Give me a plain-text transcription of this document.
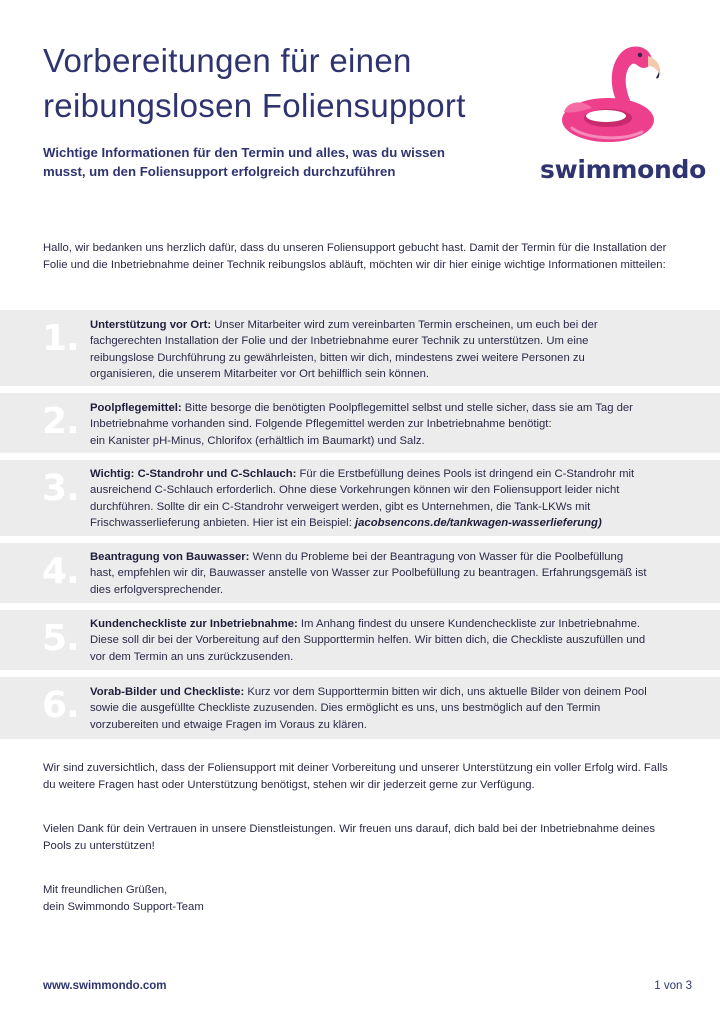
Vorbereitungen für einen
reibungslosen Foliensupport
Wichtige Informationen für den Termin und alles, was du wissen
musst, um den Foliensupport erfolgreich durchzuführen	swimmondo
Hallo, wir bedanken uns herzlich dafür, dass du unseren Foliensupport gebucht hast. Damit der Termin für die Installation der Folie und die Inbetriebnahme deiner Technik reibungslos abläuft, möchten wir dir hier einige wichtige Informationen mitteilen:
1. Unterstützung vor Ort: Unser Mitarbeiter wird zum vereinbarten Termin erscheinen, um euch bei der fachgerechten Installation der Folie und der Inbetriebnahme eurer Technik zu unterstützen. Um eine reibungslose Durchführung zu gewährleisten, bitten wir dich, mindestens zwei weitere Personen zu organisieren, die unserem Mitarbeiter vor Ort behilflich sein können.
2. Poolpflegemittel: Bitte besorge die benötigten Poolpflegemittel selbst und stelle sicher, dass sie am Tag der Inbetriebnahme vorhanden sind. Folgende Pflegemittel werden zur Inbetriebnahme benötigt:
ein Kanister pH-Minus, Chlorifox (erhältlich im Baumarkt) und Salz.
3. Wichtig: C-Standrohr und C-Schlauch: Für die Erstbefüllung deines Pools ist dringend ein C-Standrohr mit ausreichend C-Schlauch erforderlich. Ohne diese Vorkehrungen können wir den Foliensupport leider nicht durchführen. Sollte dir ein C-Standrohr verweigert werden, gibt es Unternehmen, die Tank-LKWs mit Frischwasserlieferung anbieten. Hier ist ein Beispiel: jacobsencons.de/tankwagen-wasserlieferung)
4. Beantragung von Bauwasser: Wenn du Probleme bei der Beantragung von Wasser für die Poolbefüllung hast, empfehlen wir dir, Bauwasser anstelle von Wasser zur Poolbefüllung zu beantragen. Erfahrungsgemäß ist dies erfolgversprechender.
5. Kundencheckliste zur Inbetriebnahme: Im Anhang findest du unsere Kundencheckliste zur Inbetriebnahme. Diese soll dir bei der Vorbereitung auf den Supporttermin helfen. Wir bitten dich, die Checkliste auszufüllen und vor dem Termin an uns zurückzusenden.
6. Vorab-Bilder und Checkliste: Kurz vor dem Supporttermin bitten wir dich, uns aktuelle Bilder von deinem Pool sowie die ausgefüllte Checkliste zuzusenden. Dies ermöglicht es uns, uns bestmöglich auf den Termin vorzubereiten und etwaige Fragen im Voraus zu klären.
Wir sind zuversichtlich, dass der Foliensupport mit deiner Vorbereitung und unserer Unterstützung ein voller Erfolg wird. Falls du weitere Fragen hast oder Unterstützung benötigst, stehen wir dir jederzeit gerne zur Verfügung.
Vielen Dank für dein Vertrauen in unsere Dienstleistungen. Wir freuen uns darauf, dich bald bei der Inbetriebnahme deines Pools zu unterstützen!
Mit freundlichen Grüßen,
dein Swimmondo Support-Team
www.swimmondo.com	1 von 3
